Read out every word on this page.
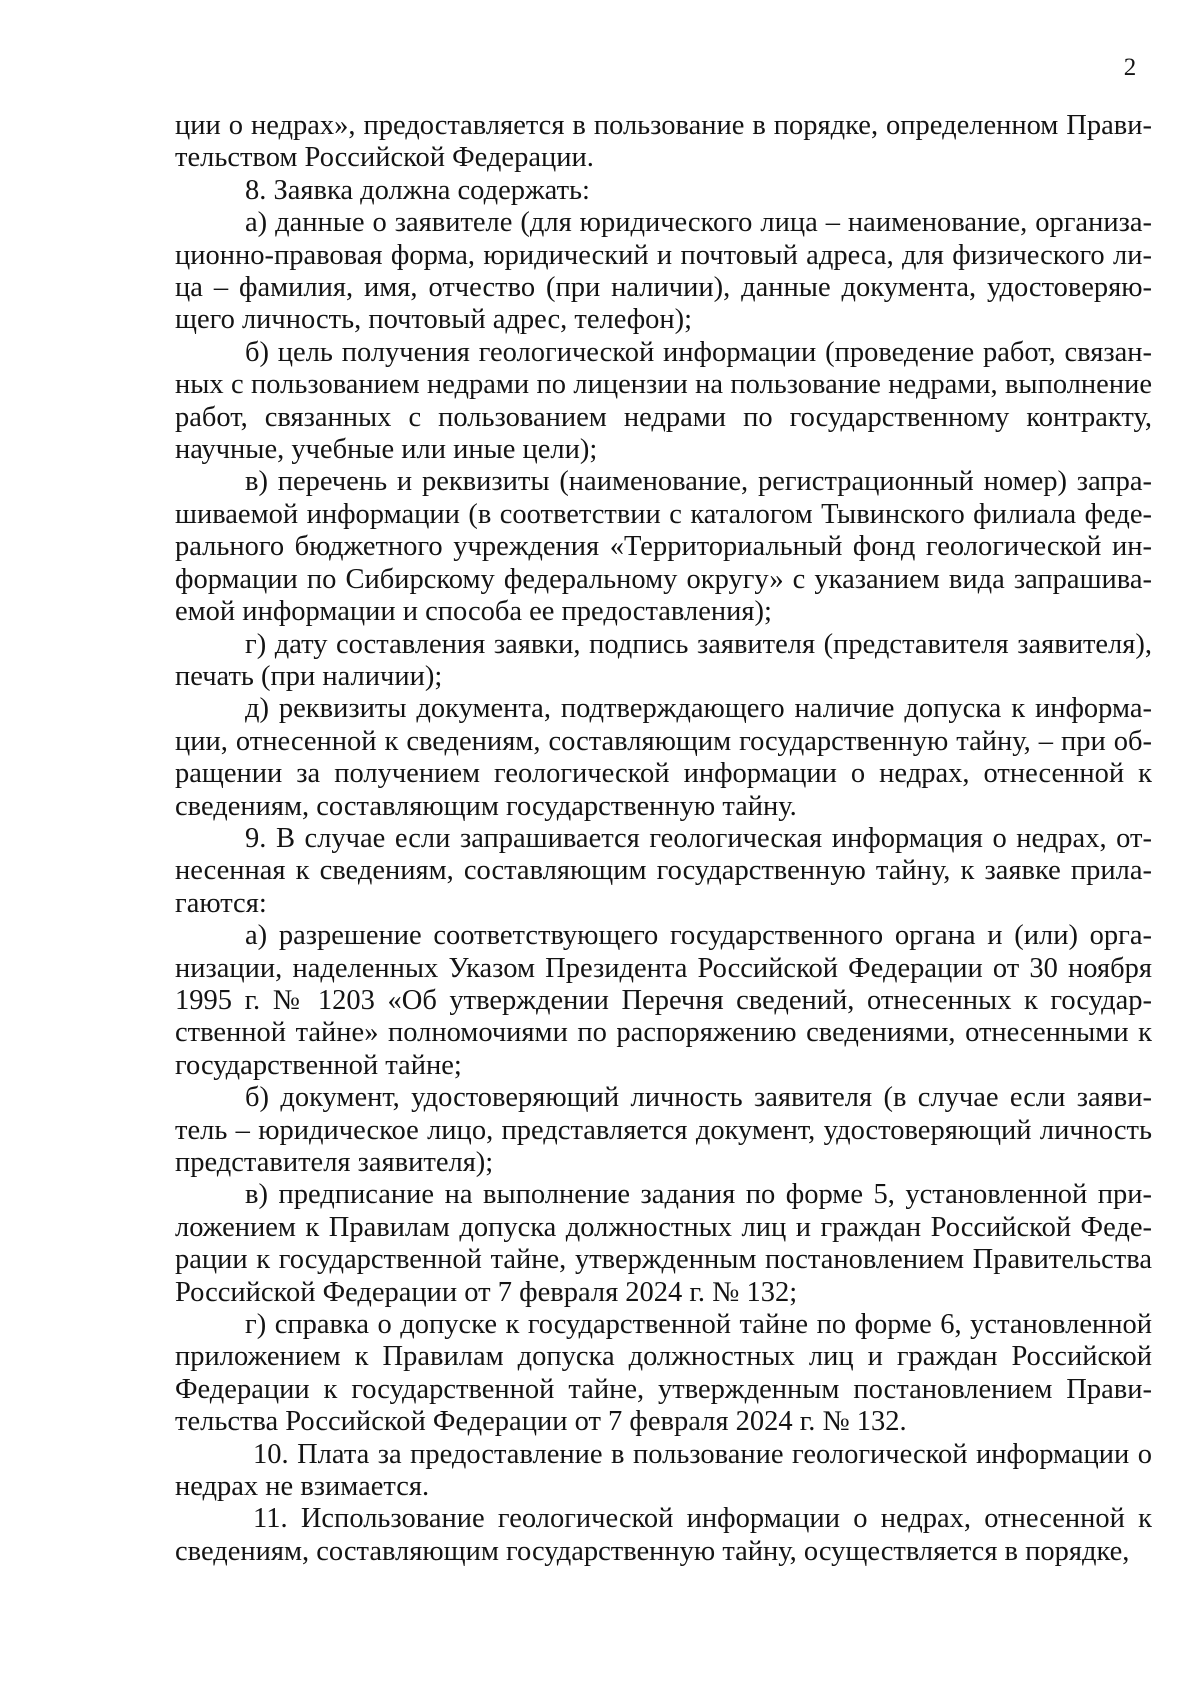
2

ции о недрах», предоставляется в пользование в порядке, определенном Правительством Российской Федерации.

8. Заявка должна содержать:

а) данные о заявителе (для юридического лица – наименование, организационно-правовая форма, юридический и почтовый адреса, для физического лица – фамилия, имя, отчество (при наличии), данные документа, удостоверяющего личность, почтовый адрес, телефон);

б) цель получения геологической информации (проведение работ, связанных с пользованием недрами по лицензии на пользование недрами, выполнение работ, связанных с пользованием недрами по государственному контракту, научные, учебные или иные цели);

в) перечень и реквизиты (наименование, регистрационный номер) запрашиваемой информации (в соответствии с каталогом Тывинского филиала федерального бюджетного учреждения «Территориальный фонд геологической информации по Сибирскому федеральному округу» с указанием вида запрашиваемой информации и способа ее предоставления);

г) дату составления заявки, подпись заявителя (представителя заявителя), печать (при наличии);

д) реквизиты документа, подтверждающего наличие допуска к информации, отнесенной к сведениям, составляющим государственную тайну, – при обращении за получением геологической информации о недрах, отнесенной к сведениям, составляющим государственную тайну.

9. В случае если запрашивается геологическая информация о недрах, отнесенная к сведениям, составляющим государственную тайну, к заявке прилагаются:

а) разрешение соответствующего государственного органа и (или) организации, наделенных Указом Президента Российской Федерации от 30 ноября 1995 г. № 1203 «Об утверждении Перечня сведений, отнесенных к государственной тайне» полномочиями по распоряжению сведениями, отнесенными к государственной тайне;

б) документ, удостоверяющий личность заявителя (в случае если заявитель – юридическое лицо, представляется документ, удостоверяющий личность представителя заявителя);

в) предписание на выполнение задания по форме 5, установленной приложением к Правилам допуска должностных лиц и граждан Российской Федерации к государственной тайне, утвержденным постановлением Правительства Российской Федерации от 7 февраля 2024 г. № 132;

г) справка о допуске к государственной тайне по форме 6, установленной приложением к Правилам допуска должностных лиц и граждан Российской Федерации к государственной тайне, утвержденным постановлением Правительства Российской Федерации от 7 февраля 2024 г. № 132.

10. Плата за предоставление в пользование геологической информации о недрах не взимается.

11. Использование геологической информации о недрах, отнесенной к сведениям, составляющим государственную тайну, осуществляется в порядке,
